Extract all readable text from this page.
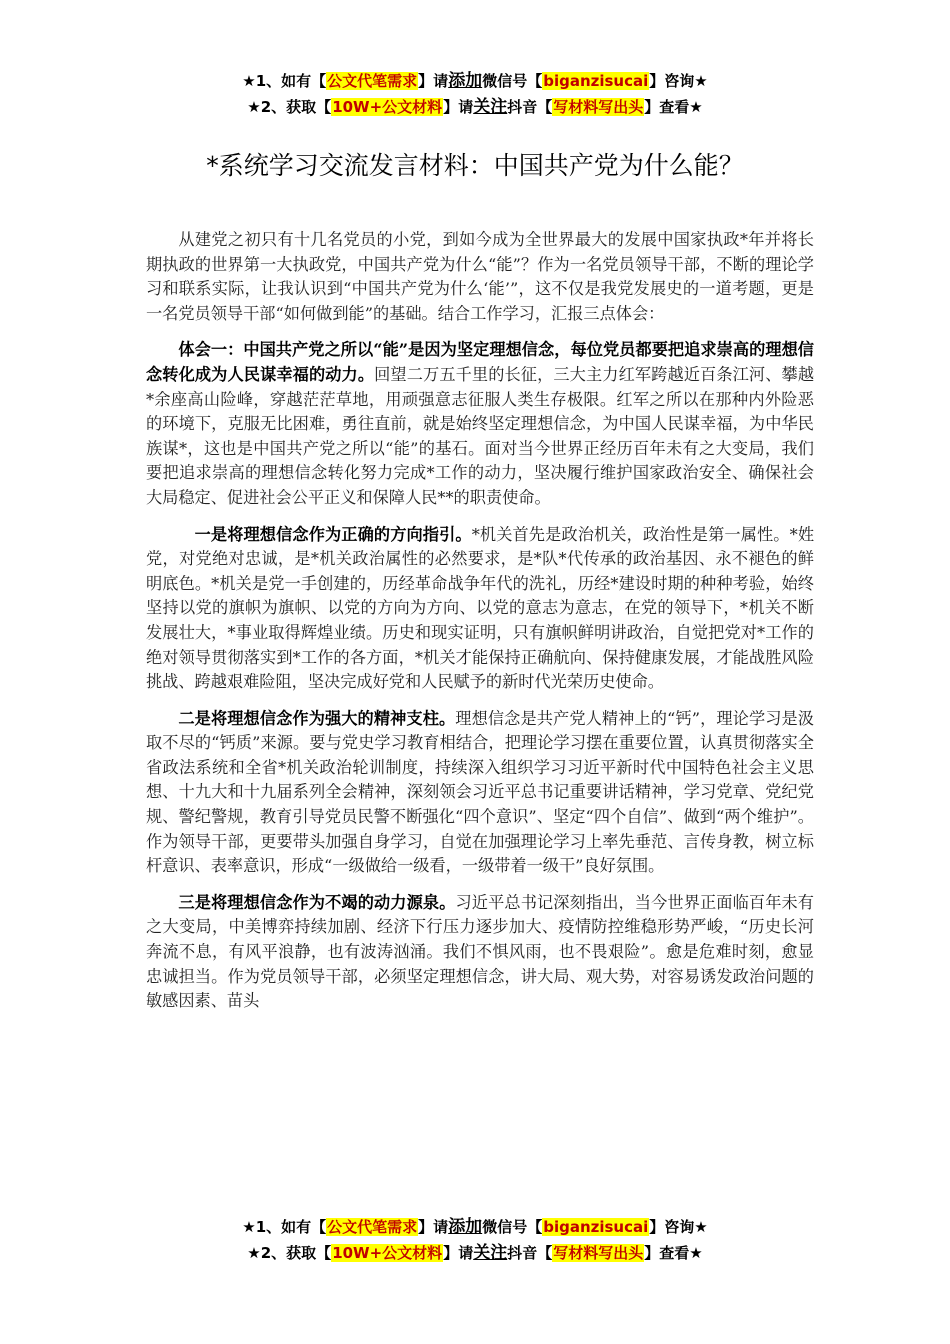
★1、如有【公文代笔需求】请添加微信号【biganzisucai】咨询★
★2、获取【10W+公文材料】请关注抖音【写材料写出头】查看★
*系统学习交流发言材料：中国共产党为什么能？

从建党之初只有十几名党员的小党，到如今成为全世界最大的发展中国家执政*年并将长期执政的世界第一大执政党，中国共产党为什么“能”？作为一名党员领导干部，不断的理论学习和联系实际，让我认识到“中国共产党为什么‘能’”，这不仅是我党发展史的一道考题，更是一名党员领导干部“如何做到能”的基础。结合工作学习，汇报三点体会：

体会一：中国共产党之所以“能”是因为坚定理想信念，每位党员都要把追求崇高的理想信念转化成为人民谋幸福的动力。回望二万五千里的长征，三大主力红军跨越近百条江河、攀越*余座高山险峰，穿越茫茫草地，用顽强意志征服人类生存极限。红军之所以在那种内外险恶的环境下，克服无比困难，勇往直前，就是始终坚定理想信念，为中国人民谋幸福，为中华民族谋*，这也是中国共产党之所以“能”的基石。面对当今世界正经历百年未有之大变局，我们要把追求崇高的理想信念转化努力完成*工作的动力，坚决履行维护国家政治安全、确保社会大局稳定、促进社会公平正义和保障人民**的职责使命。

一是将理想信念作为正确的方向指引。*机关首先是政治机关，政治性是第一属性。*姓党，对党绝对忠诚，是*机关政治属性的必然要求，是*队*代传承的政治基因、永不褪色的鲜明底色。*机关是党一手创建的，历经革命战争年代的洗礼，历经*建设时期的种种考验，始终坚持以党的旗帜为旗帜、以党的方向为方向、以党的意志为意志，在党的领导下，*机关不断发展壮大，*事业取得辉煌业绩。历史和现实证明，只有旗帜鲜明讲政治，自觉把党对*工作的绝对领导贯彻落实到*工作的各方面，*机关才能保持正确航向、保持健康发展，才能战胜风险挑战、跨越艰难险阻，坚决完成好党和人民赋予的新时代光荣历史使命。

二是将理想信念作为强大的精神支柱。理想信念是共产党人精神上的“钙”，理论学习是汲取不尽的“钙质”来源。要与党史学习教育相结合，把理论学习摆在重要位置，认真贯彻落实全省政法系统和全省*机关政治轮训制度，持续深入组织学习习近平新时代中国特色社会主义思想、十九大和十九届系列全会精神，深刻领会习近平总书记重要讲话精神，学习党章、党纪党规、警纪警规，教育引导党员民警不断强化“四个意识”、坚定“四个自信”、做到“两个维护”。作为领导干部，更要带头加强自身学习，自觉在加强理论学习上率先垂范、言传身教，树立标杆意识、表率意识，形成“一级做给一级看，一级带着一级干”良好氛围。

三是将理想信念作为不竭的动力源泉。习近平总书记深刻指出，当今世界正面临百年未有之大变局，中美博弈持续加剧、经济下行压力逐步加大、疫情防控维稳形势严峻，“历史长河奔流不息，有风平浪静，也有波涛汹涌。我们不惧风雨，也不畏艰险”。愈是危难时刻，愈显忠诚担当。作为党员领导干部，必须坚定理想信念，讲大局、观大势，对容易诱发政治问题的敏感因素、苗头

★1、如有【公文代笔需求】请添加微信号【biganzisucai】咨询★
★2、获取【10W+公文材料】请关注抖音【写材料写出头】查看★
